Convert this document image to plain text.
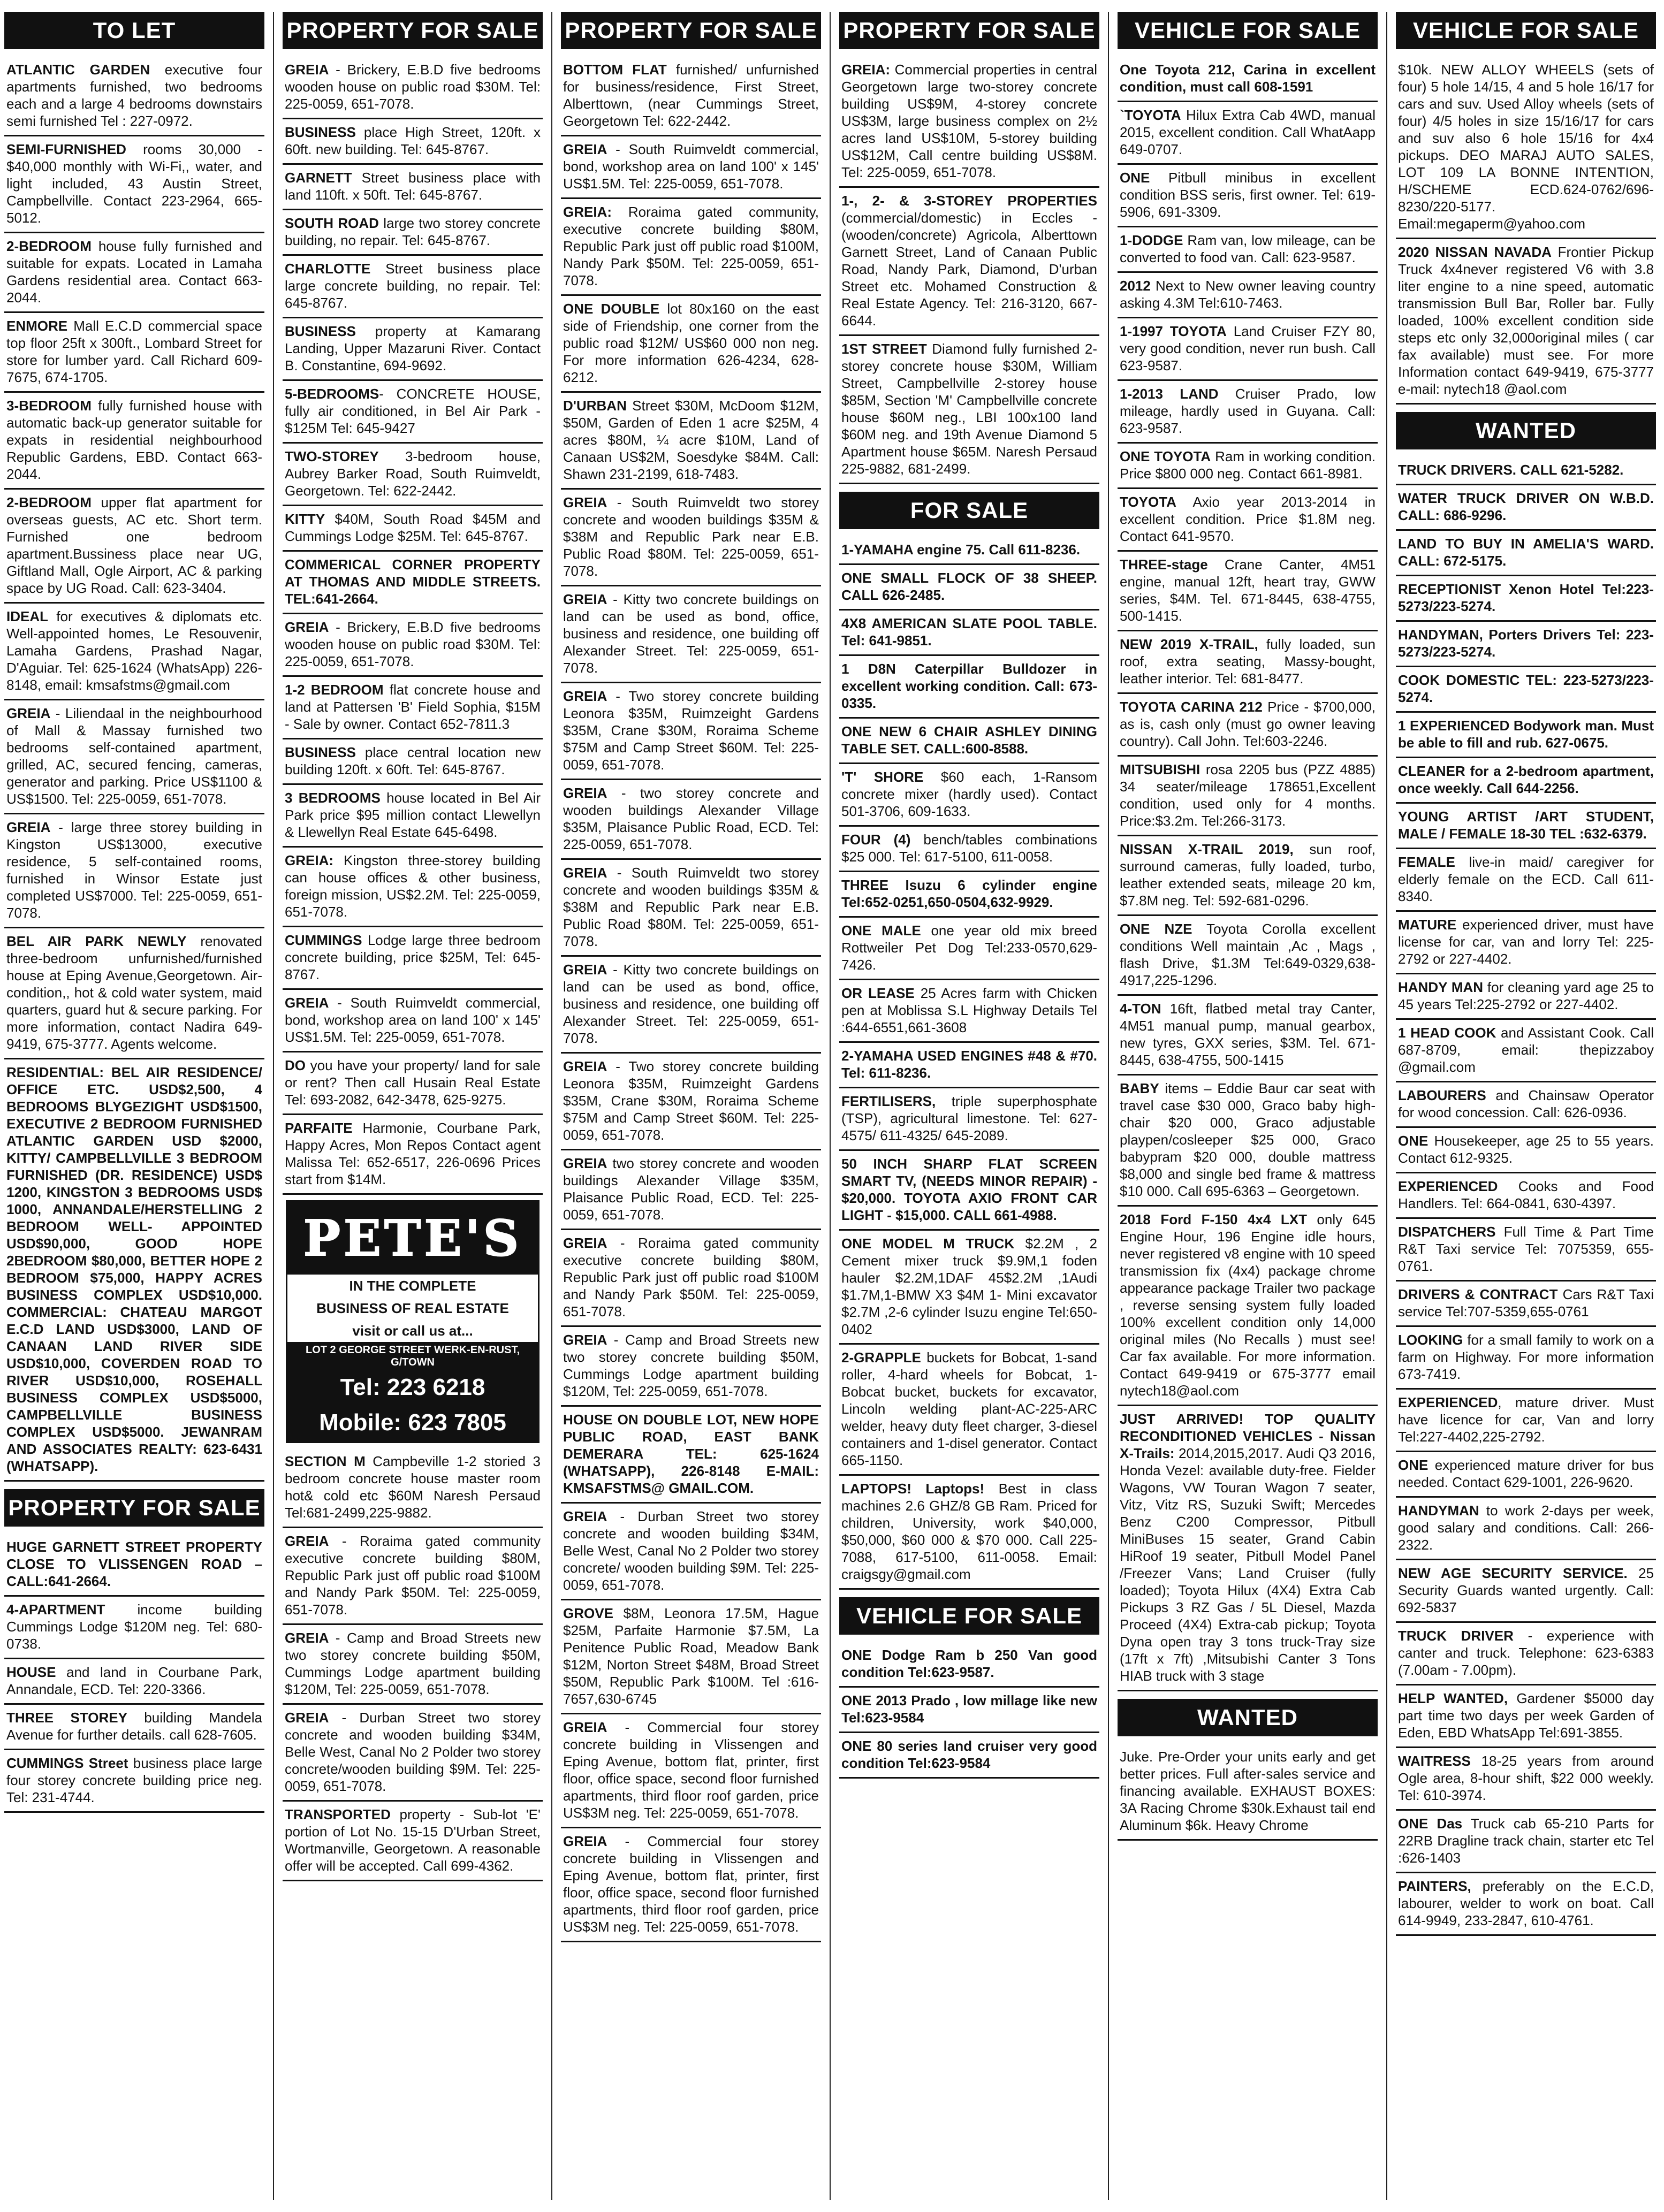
TO LET
ATLANTIC GARDEN executive four apartments furnished, two bedrooms each and a large 4 bedrooms downstairs semi furnished Tel : 227-0972.
SEMI-FURNISHED rooms 30,000 - $40,000 monthly with Wi-Fi,, water, and light included, 43 Austin Street, Campbellville. Contact 223-2964, 665-5012.
2-BEDROOM house fully furnished and suitable for expats. Located in Lamaha Gardens residential area. Contact 663-2044.
ENMORE Mall E.C.D commercial space top floor 25ft x 300ft., Lombard Street for store for lumber yard. Call Richard 609-7675, 674-1705.
3-BEDROOM fully furnished house with automatic back-up generator suitable for expats in residential neighbourhood Republic Gardens, EBD. Contact 663-2044.
2-BEDROOM upper flat apartment for overseas guests, AC etc. Short term. Furnished one bedroom apartment.Bussiness place near UG, Giftland Mall, Ogle Airport, AC & parking space by UG Road. Call: 623-3404.
IDEAL for executives & diplomats etc. Well-appointed homes, Le Resouvenir, Lamaha Gardens, Prashad Nagar, D'Aguiar. Tel: 625-1624 (WhatsApp) 226-8148, email: kmsafstms@gmail.com
GREIA - Liliendaal in the neighbourhood of Mall & Massay furnished two bedrooms self-contained apartment, grilled, AC, secured fencing, cameras, generator and parking. Price US$1100 & US$1500. Tel: 225-0059, 651-7078.
GREIA - large three storey building in Kingston US$13000, executive residence, 5 self-contained rooms, furnished in Winsor Estate just completed US$7000. Tel: 225-0059, 651-7078.
BEL AIR PARK NEWLY renovated three-bedroom unfurnished/furnished house at Eping Avenue,Georgetown. Air-condition,, hot & cold water system, maid quarters, guard hut & secure parking. For more information, contact Nadira 649-9419, 675-3777. Agents welcome.
RESIDENTIAL: BEL AIR RESIDENCE/ OFFICE ETC. USD$2,500, 4 BEDROOMS BLYGEZIGHT USD$1500, EXECUTIVE 2 BEDROOM FURNISHED ATLANTIC GARDEN USD $2000, KITTY/ CAMPBELLVILLE 3 BEDROOM FURNISHED (DR. RESIDENCE) USD$ 1200, KINGSTON 3 BEDROOMS USD$ 1000, ANNANDALE/HERSTELLING 2 BEDROOM WELL- APPOINTED USD$90,000, GOOD HOPE 2BEDROOM $80,000, BETTER HOPE 2 BEDROOM $75,000, HAPPY ACRES BUSINESS COMPLEX USD$10,000. COMMERCIAL: CHATEAU MARGOT E.C.D LAND USD$3000, LAND OF CANAAN LAND RIVER SIDE USD$10,000, COVERDEN ROAD TO RIVER USD$10,000, ROSEHALL BUSINESS COMPLEX USD$5000, CAMPBELLVILLE BUSINESS COMPLEX USD$5000. JEWANRAM AND ASSOCIATES REALTY: 623-6431 (WHATSAPP).
PROPERTY FOR SALE
HUGE GARNETT STREET PROPERTY CLOSE TO VLISSENGEN ROAD – CALL:641-2664.
4-APARTMENT income building Cummings Lodge $120M neg. Tel: 680-0738.
HOUSE and land in Courbane Park, Annandale, ECD. Tel: 220-3366.
THREE STOREY building Mandela Avenue for further details. call 628-7605.
CUMMINGS Street business place large four storey concrete building price neg. Tel: 231-4744.
PROPERTY FOR SALE
GREIA - Brickery, E.B.D five bedrooms wooden house on public road $30M. Tel: 225-0059, 651-7078.
BUSINESS place High Street, 120ft. x 60ft. new building. Tel: 645-8767.
GARNETT Street business place with land 110ft. x 50ft. Tel: 645-8767.
SOUTH ROAD large two storey concrete building, no repair. Tel: 645-8767.
CHARLOTTE Street business place large concrete building, no repair. Tel: 645-8767.
BUSINESS property at Kamarang Landing, Upper Mazaruni River. Contact B. Constantine, 694-9692.
5-BEDROOMS- CONCRETE HOUSE, fully air conditioned, in Bel Air Park - $125M Tel: 645-9427
TWO-STOREY 3-bedroom house, Aubrey Barker Road, South Ruimveldt, Georgetown. Tel: 622-2442.
KITTY $40M, South Road $45M and Cummings Lodge $25M. Tel: 645-8767.
COMMERICAL CORNER PROPERTY AT THOMAS AND MIDDLE STREETS. TEL:641-2664.
GREIA - Brickery, E.B.D five bedrooms wooden house on public road $30M. Tel: 225-0059, 651-7078.
1-2 BEDROOM flat concrete house and land at Pattersen 'B' Field Sophia, $15M - Sale by owner. Contact 652-7811.3
BUSINESS place central location new building 120ft. x 60ft. Tel: 645-8767.
3 BEDROOMS house located in Bel Air Park price $95 million contact Llewellyn & Llewellyn Real Estate 645-6498.
GREIA: Kingston three-storey building can house offices & other business, foreign mission, US$2.2M. Tel: 225-0059, 651-7078.
CUMMINGS Lodge large three bedroom concrete building, price $25M, Tel: 645-8767.
GREIA - South Ruimveldt commercial, bond, workshop area on land 100' x 145' US$1.5M. Tel: 225-0059, 651-7078.
DO you have your property/ land for sale or rent? Then call Husain Real Estate Tel: 693-2082, 642-3478, 625-9275.
PARFAITE Harmonie, Courbane Park, Happy Acres, Mon Repos Contact agent Malissa Tel: 652-6517, 226-0696 Prices start from $14M.
PETE'S
IN THE COMPLETE
BUSINESS OF REAL ESTATE
visit or call us at...
LOT 2 GEORGE STREET WERK-EN-RUST, G/TOWN
Tel: 223 6218
Mobile: 623 7805
SECTION M Campbeville 1-2 storied 3 bedroom concrete house master room hot& cold etc $60M Naresh Persaud Tel:681-2499,225-9882.
GREIA - Roraima gated community executive concrete building $80M, Republic Park just off public road $100M and Nandy Park $50M. Tel: 225-0059, 651-7078.
GREIA - Camp and Broad Streets new two storey concrete building $50M, Cummings Lodge apartment building $120M, Tel: 225-0059, 651-7078.
GREIA - Durban Street two storey concrete and wooden building $34M, Belle West, Canal No 2 Polder two storey concrete/wooden building $9M. Tel: 225-0059, 651-7078.
TRANSPORTED property - Sub-lot 'E' portion of Lot No. 15-15 D'Urban Street, Wortmanville, Georgetown. A reasonable offer will be accepted. Call 699-4362.
PROPERTY FOR SALE
BOTTOM FLAT furnished/ unfurnished for business/residence, First Street, Alberttown, (near Cummings Street, Georgetown Tel: 622-2442.
GREIA - South Ruimveldt commercial, bond, workshop area on land 100' x 145' US$1.5M. Tel: 225-0059, 651-7078.
GREIA: Roraima gated community, executive concrete building $80M, Republic Park just off public road $100M, Nandy Park $50M. Tel: 225-0059, 651-7078.
ONE DOUBLE lot 80x160 on the east side of Friendship, one corner from the public road $12M/ US$60 000 non neg. For more information 626-4234, 628-6212.
D'URBAN Street $30M, McDoom $12M, $50M, Garden of Eden 1 acre $25M, 4 acres $80M, ¼ acre $10M, Land of Canaan US$2M, Soesdyke $84M. Call: Shawn 231-2199, 618-7483.
GREIA - South Ruimveldt two storey concrete and wooden buildings $35M & $38M and Republic Park near E.B. Public Road $80M. Tel: 225-0059, 651-7078.
GREIA - Kitty two concrete buildings on land can be used as bond, office, business and residence, one building off Alexander Street. Tel: 225-0059, 651-7078.
GREIA - Two storey concrete building Leonora $35M, Ruimzeight Gardens $35M, Crane $30M, Roraima Scheme $75M and Camp Street $60M. Tel: 225-0059, 651-7078.
GREIA - two storey concrete and wooden buildings Alexander Village $35M, Plaisance Public Road, ECD. Tel: 225-0059, 651-7078.
GREIA - South Ruimveldt two storey concrete and wooden buildings $35M & $38M and Republic Park near E.B. Public Road $80M. Tel: 225-0059, 651-7078.
GREIA - Kitty two concrete buildings on land can be used as bond, office, business and residence, one building off Alexander Street. Tel: 225-0059, 651-7078.
GREIA - Two storey concrete building Leonora $35M, Ruimzeight Gardens $35M, Crane $30M, Roraima Scheme $75M and Camp Street $60M. Tel: 225-0059, 651-7078.
GREIA two storey concrete and wooden buildings Alexander Village $35M, Plaisance Public Road, ECD. Tel: 225-0059, 651-7078.
GREIA - Roraima gated community executive concrete building $80M, Republic Park just off public road $100M and Nandy Park $50M. Tel: 225-0059, 651-7078.
GREIA - Camp and Broad Streets new two storey concrete building $50M, Cummings Lodge apartment building $120M, Tel: 225-0059, 651-7078.
HOUSE ON DOUBLE LOT, NEW HOPE PUBLIC ROAD, EAST BANK DEMERARA TEL: 625-1624 (WHATSAPP), 226-8148 E-MAIL: KMSAFSTMS@ GMAIL.COM.
GREIA - Durban Street two storey concrete and wooden building $34M, Belle West, Canal No 2 Polder two storey concrete/ wooden building $9M. Tel: 225-0059, 651-7078.
GROVE $8M, Leonora 17.5M, Hague $25M, Parfaite Harmonie $7.5M, La Penitence Public Road, Meadow Bank $12M, Norton Street $48M, Broad Street $50M, Republic Park $100M. Tel :616-7657,630-6745
GREIA - Commercial four storey concrete building in Vlissengen and Eping Avenue, bottom flat, printer, first floor, office space, second floor furnished apartments, third floor roof garden, price US$3M neg. Tel: 225-0059, 651-7078.
GREIA - Commercial four storey concrete building in Vlissengen and Eping Avenue, bottom flat, printer, first floor, office space, second floor furnished apartments, third floor roof garden, price US$3M neg. Tel: 225-0059, 651-7078.
PROPERTY FOR SALE
GREIA: Commercial properties in central Georgetown large two-storey concrete building US$9M, 4-storey concrete US$3M, large business complex on 2½ acres land US$10M, 5-storey building US$12M, Call centre building US$8M. Tel: 225-0059, 651-7078.
1-, 2- & 3-STOREY PROPERTIES (commercial/domestic) in Eccles - (wooden/concrete) Agricola, Alberttown Garnett Street, Land of Canaan Public Road, Nandy Park, Diamond, D'urban Street etc. Mohamed Construction & Real Estate Agency. Tel: 216-3120, 667-6644.
1ST STREET Diamond fully furnished 2-storey concrete house $30M, William Street, Campbellville 2-storey house $85M, Section 'M' Campbellville concrete house $60M neg., LBI 100x100 land $60M neg. and 19th Avenue Diamond 5 Apartment house $65M. Naresh Persaud 225-9882, 681-2499.
FOR SALE
1-YAMAHA engine 75. Call 611-8236.
ONE SMALL FLOCK OF 38 SHEEP. CALL 626-2485.
4X8 AMERICAN SLATE POOL TABLE. Tel: 641-9851.
1 D8N Caterpillar Bulldozer in excellent working condition. Call: 673-0335.
ONE NEW 6 CHAIR ASHLEY DINING TABLE SET. CALL:600-8588.
'T' SHORE $60 each, 1-Ransom concrete mixer (hardly used). Contact 501-3706, 609-1633.
FOUR (4) bench/tables combinations $25 000. Tel: 617-5100, 611-0058.
THREE Isuzu 6 cylinder engine Tel:652-0251,650-0504,632-9929.
ONE MALE one year old mix breed Rottweiler Pet Dog Tel:233-0570,629-7426.
OR LEASE 25 Acres farm with Chicken pen at Moblissa S.L Highway Details Tel :644-6551,661-3608
2-YAMAHA USED ENGINES #48 & #70. Tel: 611-8236.
FERTILISERS, triple superphosphate (TSP), agricultural limestone. Tel: 627-4575/ 611-4325/ 645-2089.
50 INCH SHARP FLAT SCREEN SMART TV, (NEEDS MINOR REPAIR) - $20,000. TOYOTA AXIO FRONT CAR LIGHT - $15,000. CALL 661-4988.
ONE MODEL M TRUCK $2.2M , 2 Cement mixer truck $9.9M,1 foden hauler $2.2M,1DAF 45$2.2M ,1Audi $1.7M,1-BMW X3 $4M 1- Mini excavator $2.7M ,2-6 cylinder Isuzu engine Tel:650-0402
2-GRAPPLE buckets for Bobcat, 1-sand roller, 4-hard wheels for Bobcat, 1-Bobcat bucket, buckets for excavator, Lincoln welding plant-AC-225-ARC welder, heavy duty fleet charger, 3-diesel containers and 1-disel generator. Contact 665-1150.
LAPTOPS! Laptops! Best in class machines 2.6 GHZ/8 GB Ram. Priced for children, University, work $40,000, $50,000, $60 000 & $70 000. Call 225-7088, 617-5100, 611-0058. Email: craigsgy@gmail.com
VEHICLE FOR SALE
ONE Dodge Ram b 250 Van good condition Tel:623-9587.
ONE 2013 Prado , low millage like new Tel:623-9584
ONE 80 series land cruiser very good condition Tel:623-9584
VEHICLE FOR SALE
One Toyota 212, Carina in excellent condition, must call 608-1591
`TOYOTA Hilux Extra Cab 4WD, manual 2015, excellent condition. Call WhatAapp 649-0707.
ONE Pitbull minibus in excellent condition BSS seris, first owner. Tel: 619-5906, 691-3309.
1-DODGE Ram van, low mileage, can be converted to food van. Call: 623-9587.
2012 Next to New owner leaving country asking 4.3M Tel:610-7463.
1-1997 TOYOTA Land Cruiser FZY 80, very good condition, never run bush. Call 623-9587.
1-2013 LAND Cruiser Prado, low mileage, hardly used in Guyana. Call: 623-9587.
ONE TOYOTA Ram in working condition. Price $800 000 neg. Contact 661-8981.
TOYOTA Axio year 2013-2014 in excellent condition. Price $1.8M neg. Contact 641-9570.
THREE-stage Crane Canter, 4M51 engine, manual 12ft, heart tray, GWW series, $4M. Tel. 671-8445, 638-4755, 500-1415.
NEW 2019 X-TRAIL, fully loaded, sun roof, extra seating, Massy-bought, leather interior. Tel: 681-8477.
TOYOTA CARINA 212 Price - $700,000, as is, cash only (must go owner leaving country). Call John. Tel:603-2246.
MITSUBISHI rosa 2205 bus (PZZ 4885) 34 seater/mileage 178651,Excellent condition, used only for 4 months. Price:$3.2m. Tel:266-3173.
NISSAN X-TRAIL 2019, sun roof, surround cameras, fully loaded, turbo, leather extended seats, mileage 20 km, $7.8M neg. Tel: 592-681-0296.
ONE NZE Toyota Corolla excellent conditions Well maintain ,Ac , Mags , flash Drive, $1.3M Tel:649-0329,638-4917,225-1296.
4-TON 16ft, flatbed metal tray Canter, 4M51 manual pump, manual gearbox, new tyres, GXX series, $3M. Tel. 671-8445, 638-4755, 500-1415
BABY items – Eddie Baur car seat with travel case $30 000, Graco baby high-chair $20 000, Graco adjustable playpen/cosleeper $25 000, Graco babypram $20 000, double mattress $8,000 and single bed frame & mattress $10 000. Call 695-6363 – Georgetown.
2018 Ford F-150 4x4 LXT only 645 Engine Hour, 196 Engine idle hours, never registered v8 engine with 10 speed transmission fix (4x4) package chrome appearance package Trailer two package , reverse sensing system fully loaded 100% excellent condition only 14,000 original miles (No Recalls ) must see! Car fax available. For more information. Contact 649-9419 or 675-3777 email nytech18@aol.com
JUST ARRIVED! TOP QUALITY RECONDITIONED VEHICLES - Nissan X-Trails: 2014,2015,2017. Audi Q3 2016, Honda Vezel: available duty-free. Fielder Wagons, VW Touran Wagon 7 seater, Vitz, Vitz RS, Suzuki Swift; Mercedes Benz C200 Compressor, Pitbull MiniBuses 15 seater, Grand Cabin HiRoof 19 seater, Pitbull Model Panel /Freezer Vans; Land Cruiser (fully loaded); Toyota Hilux (4X4) Extra Cab Pickups 3 RZ Gas / 5L Diesel, Mazda Proceed (4X4) Extra-cab pickup; Toyota Dyna open tray 3 tons truck-Tray size (17ft x 7ft) ,Mitsubishi Canter 3 Tons HIAB truck with 3 stage
WANTED
Juke. Pre-Order your units early and get better prices. Full after-sales service and financing available. EXHAUST BOXES: 3A Racing Chrome $30k.Exhaust tail end Aluminum $6k. Heavy Chrome
VEHICLE FOR SALE
$10k. NEW ALLOY WHEELS (sets of four) 5 hole 14/15, 4 and 5 hole 16/17 for cars and suv. Used Alloy wheels (sets of four) 4/5 holes in size 15/16/17 for cars and suv also 6 hole 15/16 for 4x4 pickups. DEO MARAJ AUTO SALES, LOT 109 LA BONNE INTENTION, H/SCHEME ECD.624-0762/696-8230/220-5177. Email:megaperm@yahoo.com
2020 NISSAN NAVADA Frontier Pickup Truck 4x4never registered V6 with 3.8 liter engine to a nine speed, automatic transmission Bull Bar, Roller bar. Fully loaded, 100% excellent condition side steps etc only 32,000original miles ( car fax available) must see. For more Information contact 649-9419, 675-3777 e-mail: nytech18 @aol.com
WANTED
TRUCK DRIVERS. CALL 621-5282.
WATER TRUCK DRIVER ON W.B.D. CALL: 686-9296.
LAND TO BUY IN AMELIA'S WARD. CALL: 672-5175.
RECEPTIONIST Xenon Hotel Tel:223-5273/223-5274.
HANDYMAN, Porters Drivers Tel: 223-5273/223-5274.
COOK DOMESTIC TEL: 223-5273/223-5274.
1 EXPERIENCED Bodywork man. Must be able to fill and rub. 627-0675.
CLEANER for a 2-bedroom apartment, once weekly. Call 644-2256.
YOUNG ARTIST /ART STUDENT, MALE / FEMALE 18-30 TEL :632-6379.
FEMALE live-in maid/ caregiver for elderly female on the ECD. Call 611-8340.
MATURE experienced driver, must have license for car, van and lorry Tel: 225-2792 or 227-4402.
HANDY MAN for cleaning yard age 25 to 45 years Tel:225-2792 or 227-4402.
1 HEAD COOK and Assistant Cook. Call 687-8709, email: thepizzaboy @gmail.com
LABOURERS and Chainsaw Operator for wood concession. Call: 626-0936.
ONE Housekeeper, age 25 to 55 years. Contact 612-9325.
EXPERIENCED Cooks and Food Handlers. Tel: 664-0841, 630-4397.
DISPATCHERS Full Time & Part Time R&T Taxi service Tel: 7075359, 655-0761.
DRIVERS & CONTRACT Cars R&T Taxi service Tel:707-5359,655-0761
LOOKING for a small family to work on a farm on Highway. For more information 673-7419.
EXPERIENCED, mature driver. Must have licence for car, Van and lorry Tel:227-4402,225-2792.
ONE experienced mature driver for bus needed. Contact 629-1001, 226-9620.
HANDYMAN to work 2-days per week, good salary and conditions. Call: 266-2322.
NEW AGE SECURITY SERVICE. 25 Security Guards wanted urgently. Call: 692-5837
TRUCK DRIVER - experience with canter and truck. Telephone: 623-6383 (7.00am - 7.00pm).
HELP WANTED, Gardener $5000 day part time two days per week Garden of Eden, EBD WhatsApp Tel:691-3855.
WAITRESS 18-25 years from around Ogle area, 8-hour shift, $22 000 weekly. Tel: 610-3974.
ONE Das Truck cab 65-210 Parts for 22RB Dragline track chain, starter etc Tel :626-1403
PAINTERS, preferably on the E.C.D, labourer, welder to work on boat. Call 614-9949, 233-2847, 610-4761.
